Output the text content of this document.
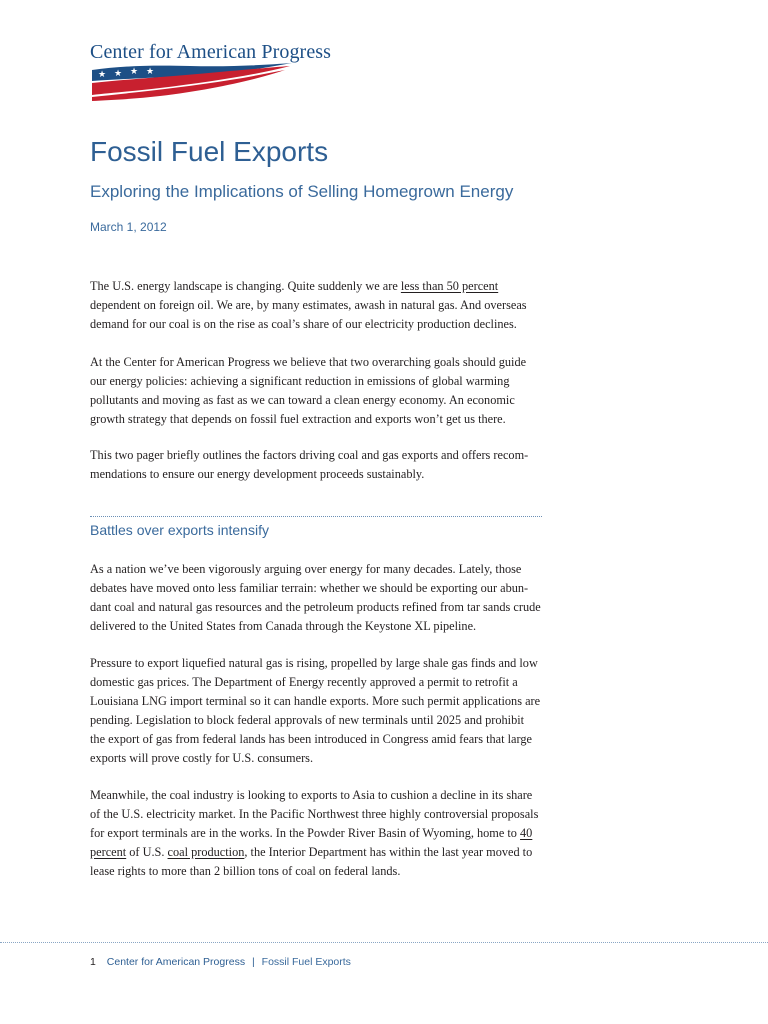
Center for American Progress
★ ★ ★ ★
Fossil Fuel Exports
Exploring the Implications of Selling Homegrown Energy
March 1, 2012

The U.S. energy landscape is changing. Quite suddenly we are less than 50 percent dependent on foreign oil. We are, by many estimates, awash in natural gas. And overseas demand for our coal is on the rise as coal’s share of our electricity production declines.

At the Center for American Progress we believe that two overarching goals should guide our energy policies: achieving a significant reduction in emissions of global warming pollutants and moving as fast as we can toward a clean energy economy. An economic growth strategy that depends on fossil fuel extraction and exports won’t get us there.

This two pager briefly outlines the factors driving coal and gas exports and offers recom-mendations to ensure our energy development proceeds sustainably.

Battles over exports intensify

As a nation we’ve been vigorously arguing over energy for many decades. Lately, those debates have moved onto less familiar terrain: whether we should be exporting our abun-dant coal and natural gas resources and the petroleum products refined from tar sands crude delivered to the United States from Canada through the Keystone XL pipeline.

Pressure to export liquefied natural gas is rising, propelled by large shale gas finds and low domestic gas prices. The Department of Energy recently approved a permit to retrofit a Louisiana LNG import terminal so it can handle exports. More such permit applications are pending. Legislation to block federal approvals of new terminals until 2025 and prohibit the export of gas from federal lands has been introduced in Congress amid fears that large exports will prove costly for U.S. consumers.

Meanwhile, the coal industry is looking to exports to Asia to cushion a decline in its share of the U.S. electricity market. In the Pacific Northwest three highly controversial proposals for export terminals are in the works. In the Powder River Basin of Wyoming, home to 40 percent of U.S. coal production, the Interior Department has within the last year moved to lease rights to more than 2 billion tons of coal on federal lands.

1 Center for American Progress | Fossil Fuel Exports
